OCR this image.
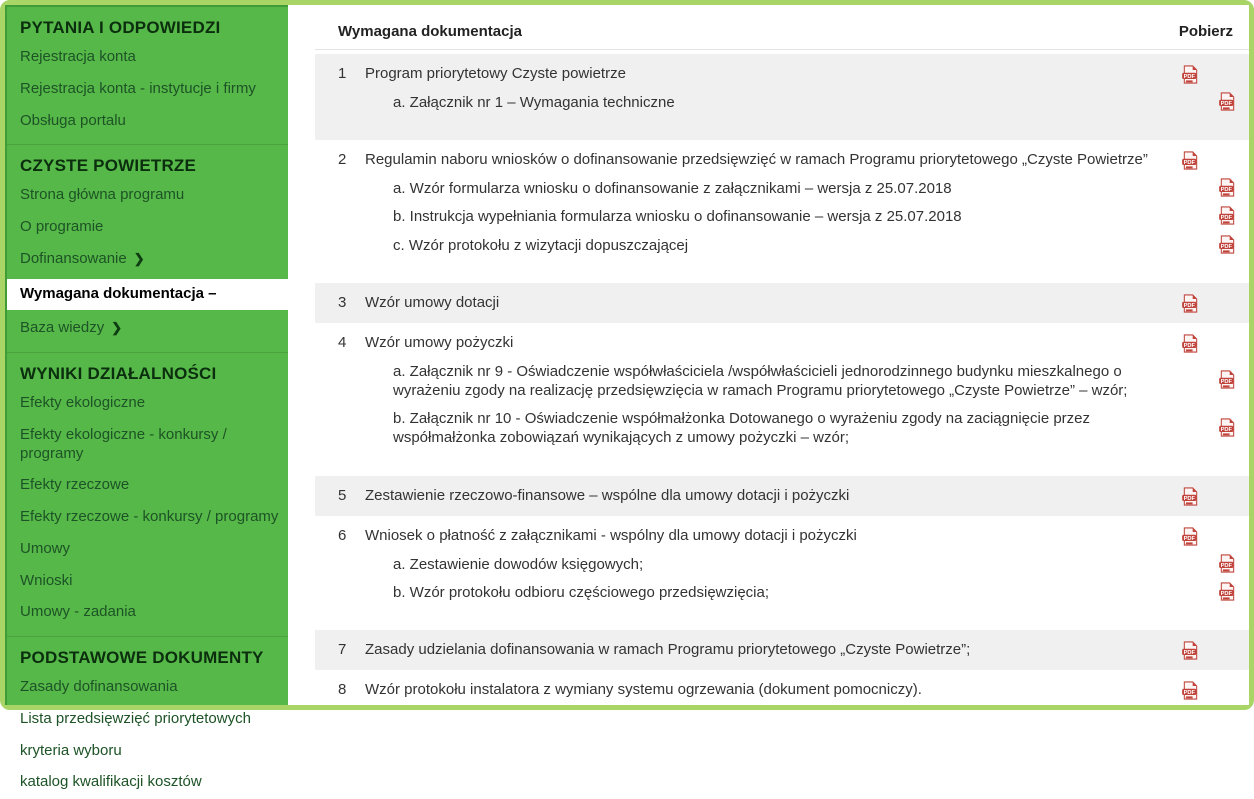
PYTANIA I ODPOWIEDZI
Rejestracja konta
Rejestracja konta - instytucje i firmy
Obsługa portalu
CZYSTE POWIETRZE
Strona główna programu
O programie
Dofinansowanie ❯
Wymagana dokumentacja –
Baza wiedzy ❯
WYNIKI DZIAŁALNOŚCI
Efekty ekologiczne
Efekty ekologiczne - konkursy / programy
Efekty rzeczowe
Efekty rzeczowe - konkursy / programy
Umowy
Wnioski
Umowy - zadania
PODSTAWOWE DOKUMENTY
Zasady dofinansowania
Lista przedsięwzięć priorytetowych
kryteria wyboru
katalog kwalifikacji kosztów
Wymagana dokumentacja	Pobierz
1	Program priorytetowy Czyste powietrze	PDF
a. Załącznik nr 1 – Wymagania techniczne	PDF
2	Regulamin naboru wniosków o dofinansowanie przedsięwzięć w ramach Programu priorytetowego „Czyste Powietrze”	PDF
a. Wzór formularza wniosku o dofinansowanie z załącznikami – wersja z 25.07.2018	PDF
b. Instrukcja wypełniania formularza wniosku o dofinansowanie – wersja z 25.07.2018	PDF
c. Wzór protokołu z wizytacji dopuszczającej	PDF
3	Wzór umowy dotacji	PDF
4	Wzór umowy pożyczki	PDF
a. Załącznik nr 9 - Oświadczenie współwłaściciela /współwłaścicieli jednorodzinnego budynku mieszkalnego o wyrażeniu zgody na realizację przedsięwzięcia w ramach Programu priorytetowego „Czyste Powietrze” – wzór;	PDF
b. Załącznik nr 10 - Oświadczenie współmałżonka Dotowanego o wyrażeniu zgody na zaciągnięcie przez współmałżonka zobowiązań wynikających z umowy pożyczki – wzór;	PDF
5	Zestawienie rzeczowo-finansowe – wspólne dla umowy dotacji i pożyczki	PDF
6	Wniosek o płatność z załącznikami - wspólny dla umowy dotacji i pożyczki	PDF
a. Zestawienie dowodów księgowych;	PDF
b. Wzór protokołu odbioru częściowego przedsięwzięcia;	PDF
7	Zasady udzielania dofinansowania w ramach Programu priorytetowego „Czyste Powietrze”;	PDF
8	Wzór protokołu instalatora z wymiany systemu ogrzewania (dokument pomocniczy).	PDF
